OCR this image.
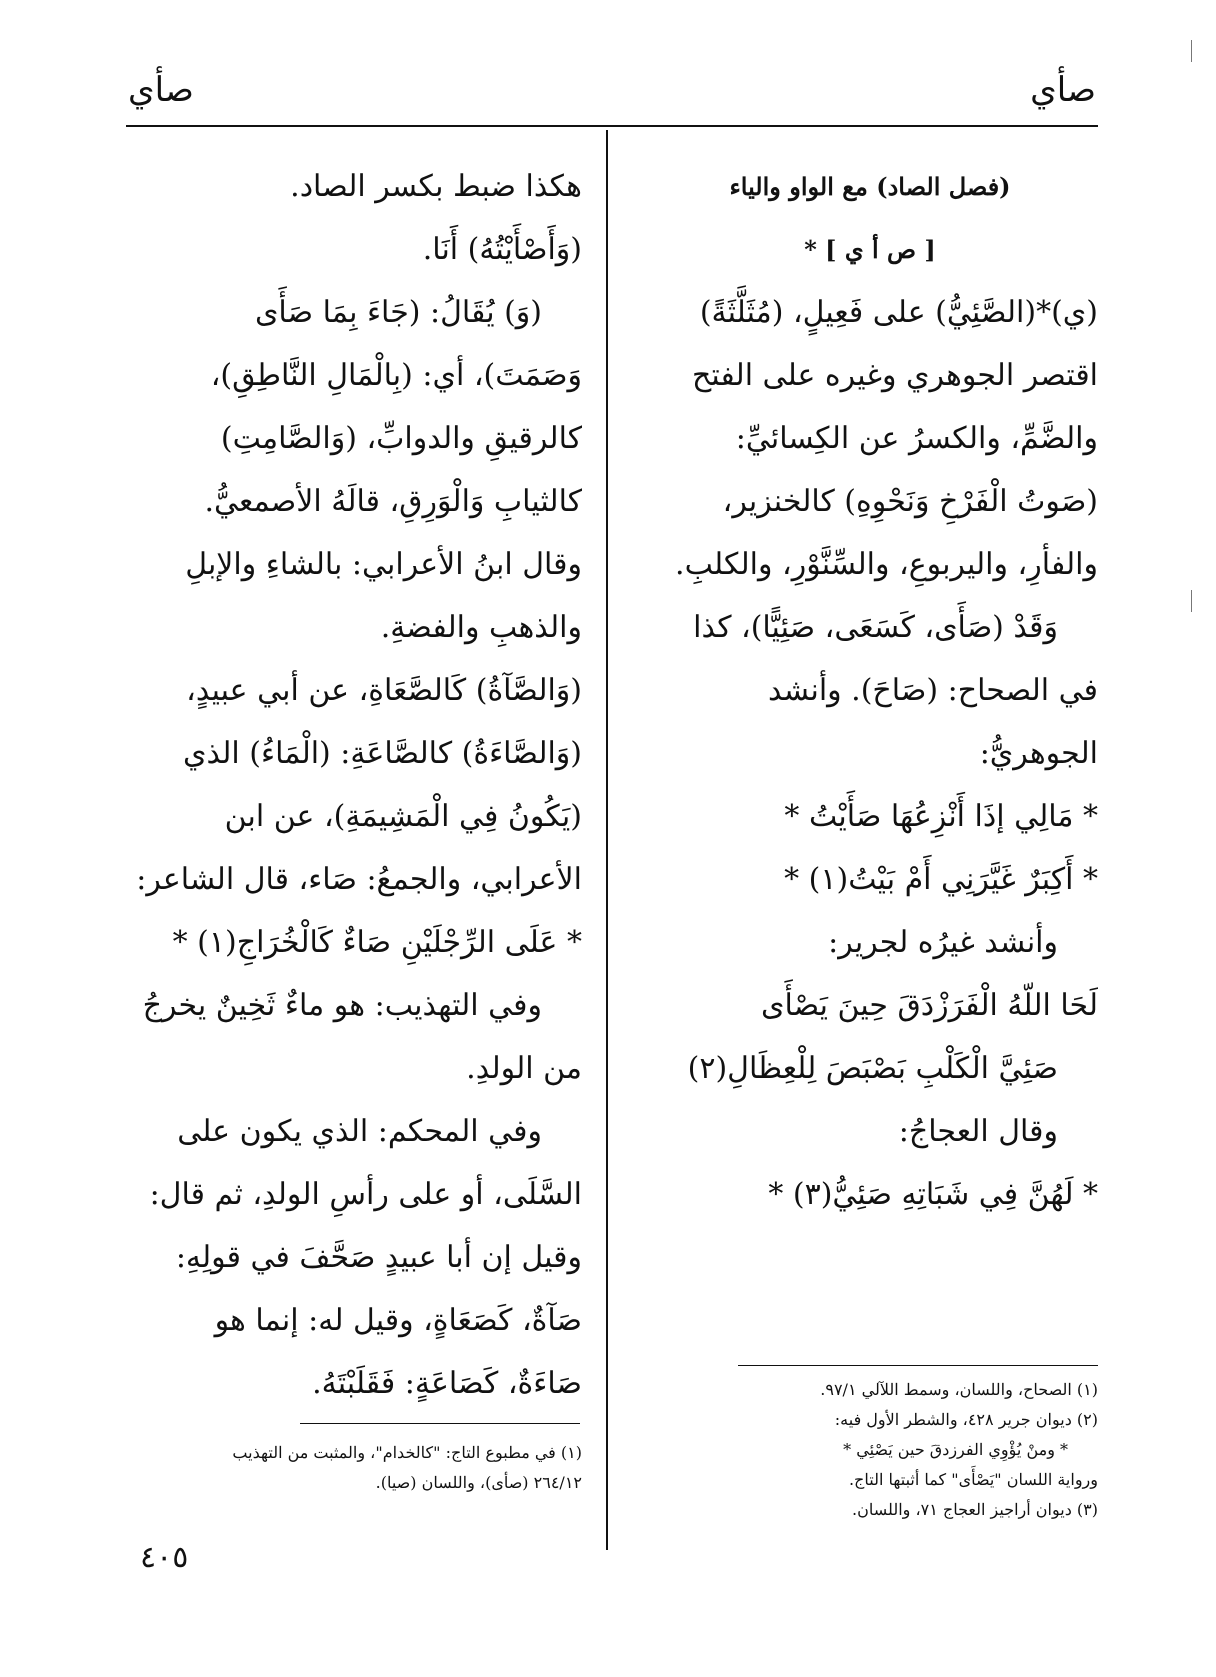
صأي
صأي
(فصل الصاد) مع الواو والياء
[ ص أ ي ] *
(ي)*(الصَّئِيُّ) على فَعِيلٍ، (مُثَلَّثَةً)
اقتصر الجوهري وغيره على الفتح
والضَّمِّ، والكسرُ عن الكِسائيِّ:
(صَوتُ الْفَرْخِ وَنَحْوِهِ) كالخنزير،
والفأرِ، واليربوعِ، والسِّنَّوْرِ، والكلبِ.
وَقَدْ (صَأَى، كَسَعَى، صَئِيًّا)، كذا
في الصحاح: (صَاحَ). وأنشد
الجوهريُّ:
* مَالِي إذَا أَنْزِعُهَا صَأَيْتُ *
* أَكِبَرٌ غَيَّرَنِي أَمْ بَيْتُ(١) *
وأنشد غيرُه لجرير:
لَحَا اللّهُ الْفَرَزْدَقَ حِينَ يَصْأَى
صَئِيَّ الْكَلْبِ بَصْبَصَ لِلْعِظَالِ(٢)
وقال العجاجُ:
* لَهُنَّ فِي شَبَاتِهِ صَئِيُّ(٣) *
(١) الصحاح، واللسان، وسمط اللآلي ٩٧/١.
(٢) ديوان جرير ٤٢٨، والشطر الأول فيه:
* ومنْ يُؤْوِي الفرزدقَ حين يَصْئِي *
ورواية اللسان "يَصْأَى" كما أثبتها التاج.
(٣) ديوان أراجيز العجاج ٧١، واللسان.
هكذا ضبط بكسر الصاد.
(وَأَصْأَيْتُهُ) أَنَا.
(وَ) يُقَالُ: (جَاءَ بِمَا صَأَى
وَصَمَتَ)، أي: (بِالْمَالِ النَّاطِقِ)،
كالرقيقِ والدوابِّ، (وَالصَّامِتِ)
كالثيابِ وَالْوَرِقِ، قالَهُ الأصمعيُّ.
وقال ابنُ الأعرابي: بالشاءِ والإبلِ
والذهبِ والفضةِ.
(وَالصَّآةُ) كَالصَّعَاةِ، عن أبي عبيدٍ،
(وَالصَّاءَةُ) كالصَّاعَةِ: (الْمَاءُ) الذي
(يَكُونُ فِي الْمَشِيمَةِ)، عن ابن
الأعرابي، والجمعُ: صَاء، قال الشاعر:
* عَلَى الرِّجْلَيْنِ صَاءٌ كَالْخُرَاجِ(١) *
وفي التهذيب: هو ماءٌ ثَخِينٌ يخرجُ
من الولدِ.
وفي المحكم: الذي يكون على
السَّلَى، أو على رأسِ الولدِ، ثم قال:
وقيل إن أبا عبيدٍ صَحَّفَ في قولِهِ:
صَآةٌ، كَصَعَاةٍ، وقيل له: إنما هو
صَاءَةٌ، كَصَاعَةٍ: فَقَلَبْتَهُ.
(١) في مطبوع التاج: "كالخدام"، والمثبت من التهذيب
٢٦٤/١٢ (صأى)، واللسان (صيا).
٤٠٥
